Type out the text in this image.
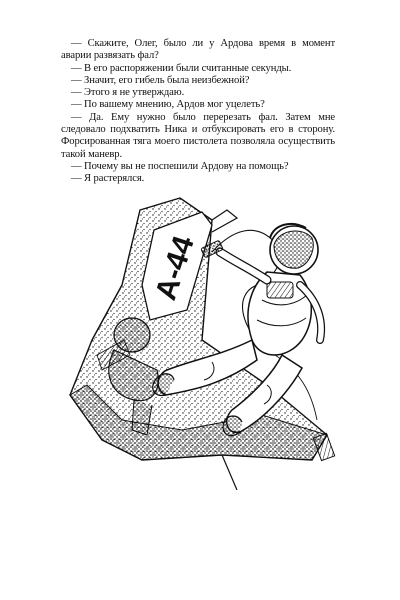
— Скажите, Олег, было ли у Ардова время в момент аварии развязать фал?

— В его распоряжении были считанные секунды.

— Значит, его гибель была неизбежной?

— Этого я не утверждаю.

— По вашему мнению, Ардов мог уцелеть?

— Да. Ему нужно было перерезать фал. Затем мне следовало подхватить Ника и отбуксировать его в сторону. Форсированная тяга моего пистолета позволяла осуществить такой маневр.

— Почему вы не поспешили Ардову на помощь?

— Я растерялся.

А-44
